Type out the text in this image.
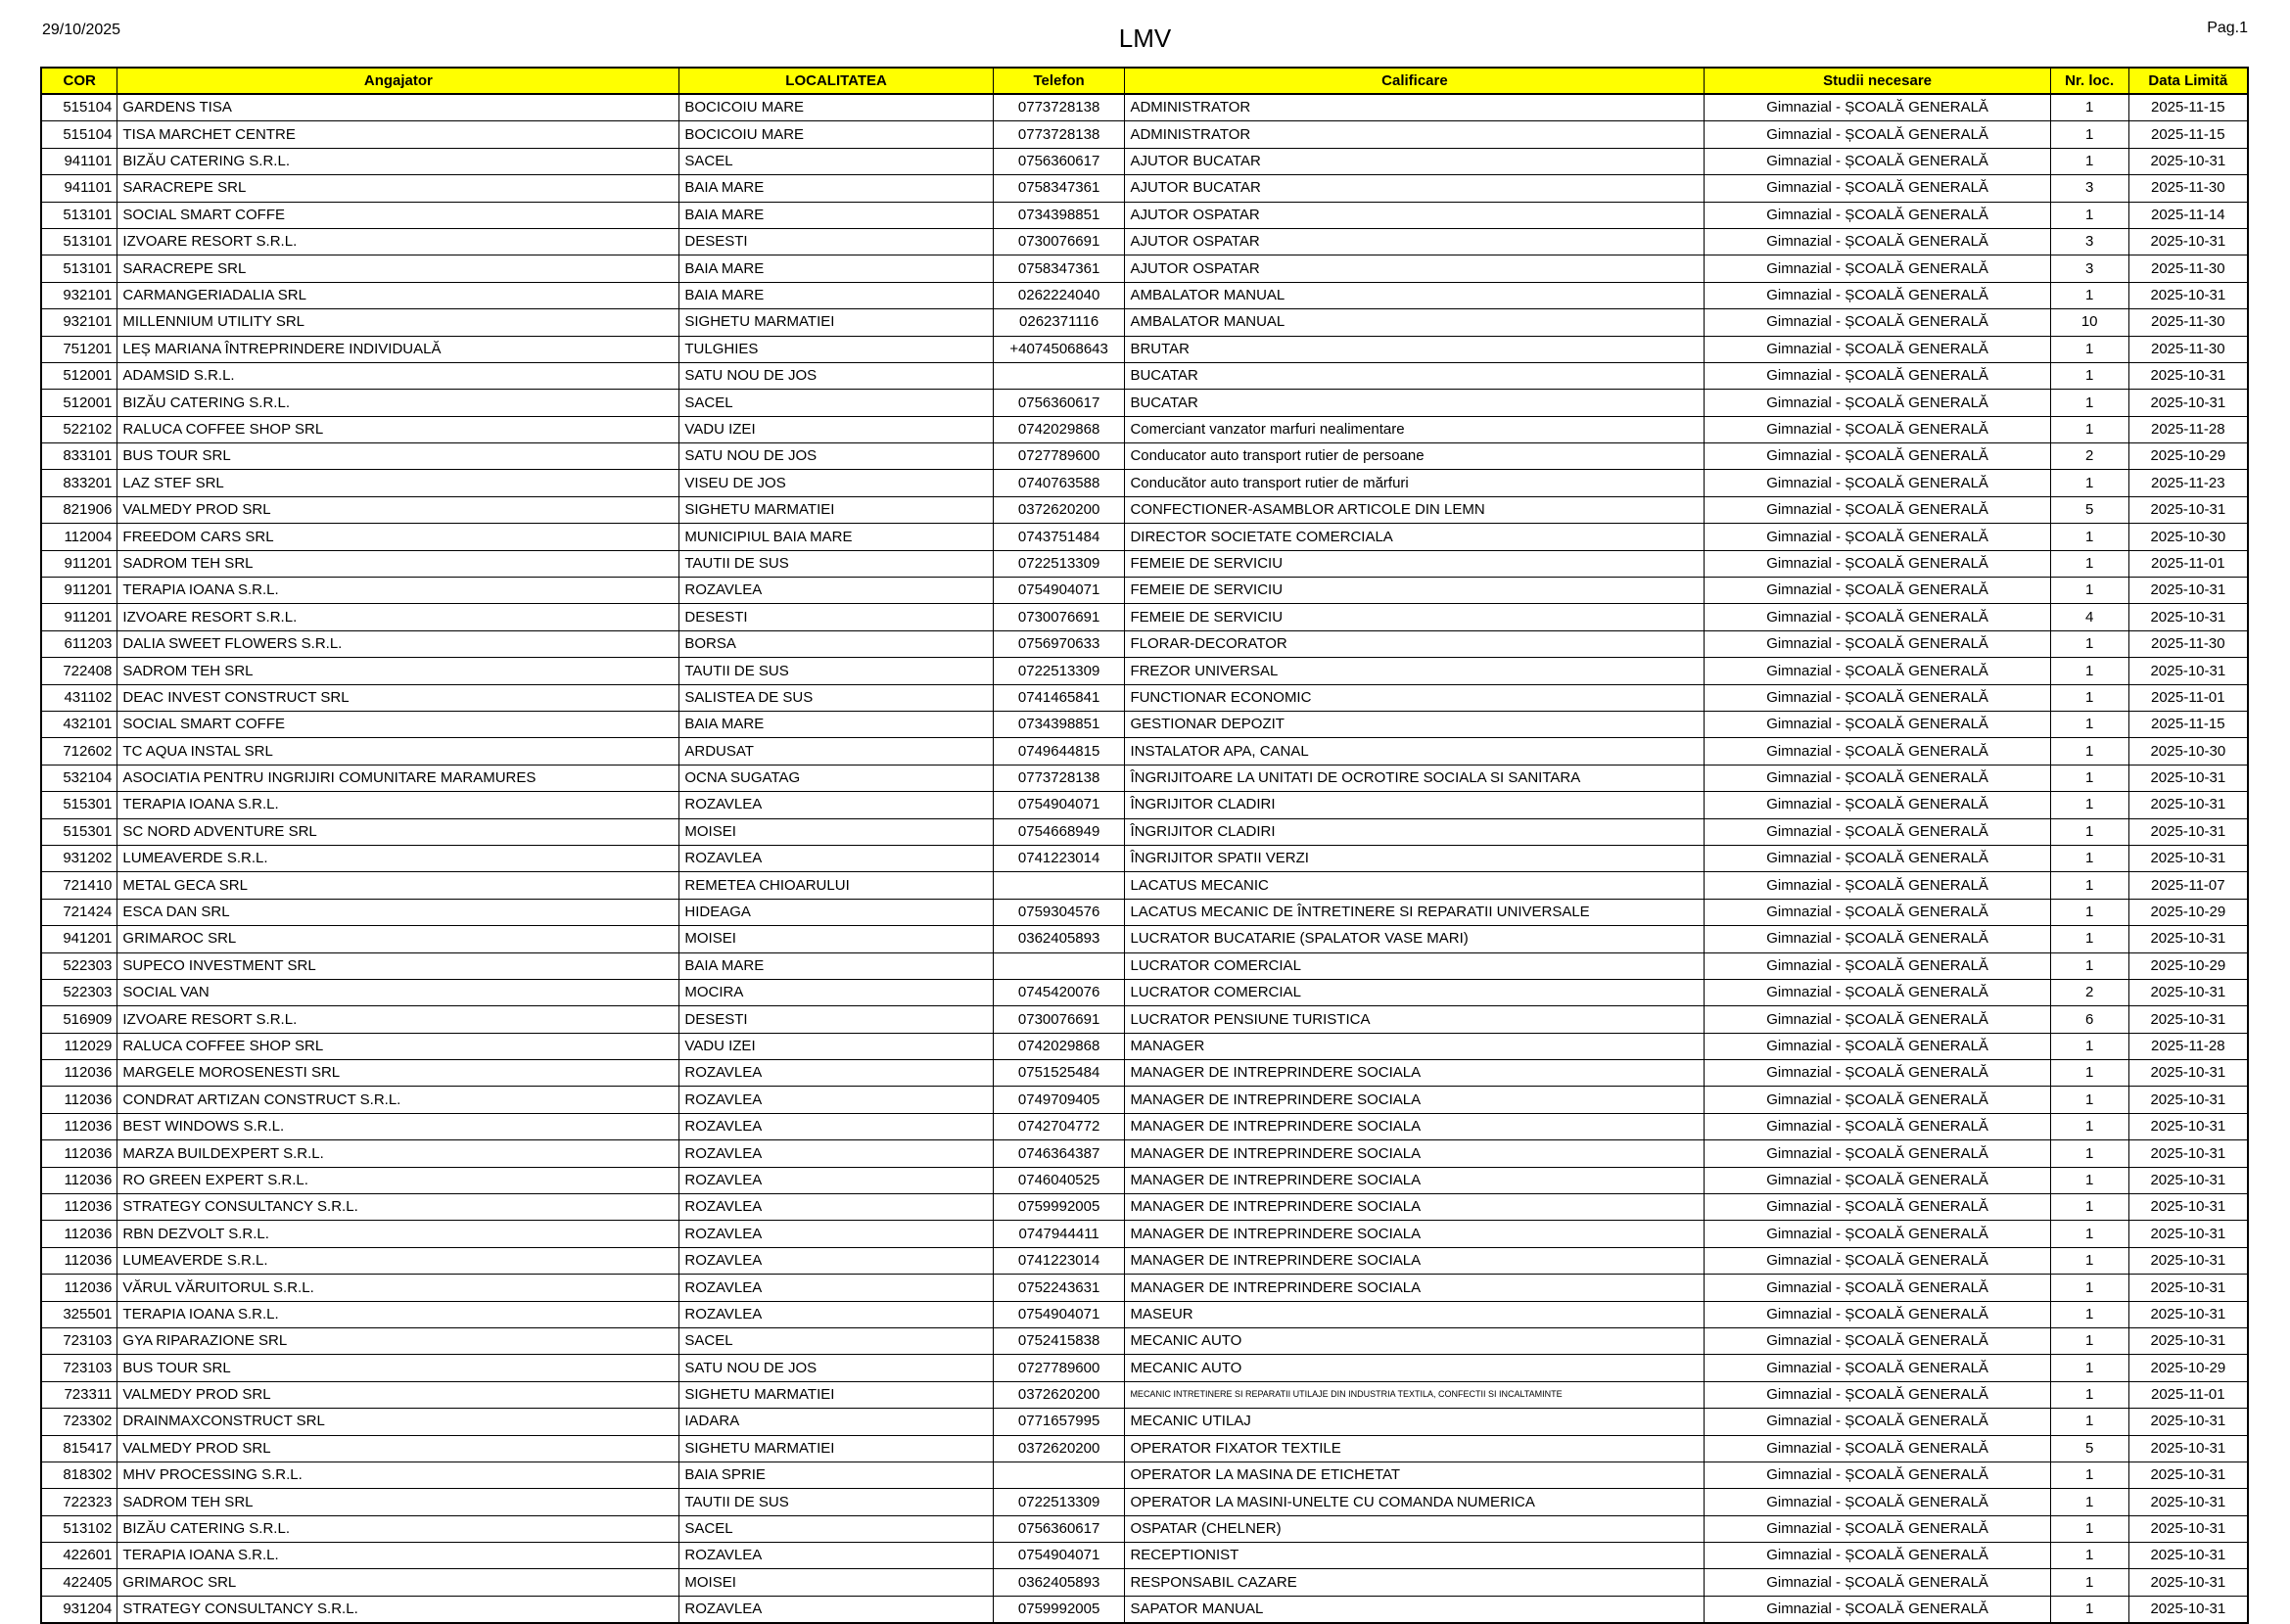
29/10/2025	LMV	Pag.1
COR	Angajator	LOCALITATEA	Telefon	Calificare	Studii necesare	Nr. loc.	Data Limită
515104	GARDENS TISA	BOCICOIU MARE	0773728138	ADMINISTRATOR	Gimnazial - ȘCOALĂ GENERALĂ	1	2025-11-15
515104	TISA MARCHET CENTRE	BOCICOIU MARE	0773728138	ADMINISTRATOR	Gimnazial - ȘCOALĂ GENERALĂ	1	2025-11-15
941101	BIZĂU CATERING S.R.L.	SACEL	0756360617	AJUTOR BUCATAR	Gimnazial - ȘCOALĂ GENERALĂ	1	2025-10-31
941101	SARACREPE SRL	BAIA MARE	0758347361	AJUTOR BUCATAR	Gimnazial - ȘCOALĂ GENERALĂ	3	2025-11-30
513101	SOCIAL SMART COFFE	BAIA MARE	0734398851	AJUTOR OSPATAR	Gimnazial - ȘCOALĂ GENERALĂ	1	2025-11-14
513101	IZVOARE RESORT S.R.L.	DESESTI	0730076691	AJUTOR OSPATAR	Gimnazial - ȘCOALĂ GENERALĂ	3	2025-10-31
513101	SARACREPE SRL	BAIA MARE	0758347361	AJUTOR OSPATAR	Gimnazial - ȘCOALĂ GENERALĂ	3	2025-11-30
932101	CARMANGERIADALIA SRL	BAIA MARE	0262224040	AMBALATOR MANUAL	Gimnazial - ȘCOALĂ GENERALĂ	1	2025-10-31
932101	MILLENNIUM UTILITY SRL	SIGHETU MARMATIEI	0262371116	AMBALATOR MANUAL	Gimnazial - ȘCOALĂ GENERALĂ	10	2025-11-30
751201	LEȘ MARIANA ÎNTREPRINDERE INDIVIDUALĂ	TULGHIES	+40745068643	BRUTAR	Gimnazial - ȘCOALĂ GENERALĂ	1	2025-11-30
512001	ADAMSID S.R.L.	SATU NOU DE JOS		BUCATAR	Gimnazial - ȘCOALĂ GENERALĂ	1	2025-10-31
512001	BIZĂU CATERING S.R.L.	SACEL	0756360617	BUCATAR	Gimnazial - ȘCOALĂ GENERALĂ	1	2025-10-31
522102	RALUCA COFFEE SHOP SRL	VADU IZEI	0742029868	Comerciant vanzator marfuri nealimentare	Gimnazial - ȘCOALĂ GENERALĂ	1	2025-11-28
833101	BUS TOUR SRL	SATU NOU DE JOS	0727789600	Conducator auto transport rutier de persoane	Gimnazial - ȘCOALĂ GENERALĂ	2	2025-10-29
833201	LAZ STEF SRL	VISEU DE JOS	0740763588	Conducător auto transport rutier de mărfuri	Gimnazial - ȘCOALĂ GENERALĂ	1	2025-11-23
821906	VALMEDY PROD SRL	SIGHETU MARMATIEI	0372620200	CONFECTIONER-ASAMBLOR ARTICOLE DIN LEMN	Gimnazial - ȘCOALĂ GENERALĂ	5	2025-10-31
112004	FREEDOM CARS SRL	MUNICIPIUL BAIA MARE	0743751484	DIRECTOR SOCIETATE COMERCIALA	Gimnazial - ȘCOALĂ GENERALĂ	1	2025-10-30
911201	SADROM TEH SRL	TAUTII DE SUS	0722513309	FEMEIE DE SERVICIU	Gimnazial - ȘCOALĂ GENERALĂ	1	2025-11-01
911201	TERAPIA IOANA S.R.L.	ROZAVLEA	0754904071	FEMEIE DE SERVICIU	Gimnazial - ȘCOALĂ GENERALĂ	1	2025-10-31
911201	IZVOARE RESORT S.R.L.	DESESTI	0730076691	FEMEIE DE SERVICIU	Gimnazial - ȘCOALĂ GENERALĂ	4	2025-10-31
611203	DALIA SWEET FLOWERS S.R.L.	BORSA	0756970633	FLORAR-DECORATOR	Gimnazial - ȘCOALĂ GENERALĂ	1	2025-11-30
722408	SADROM TEH SRL	TAUTII DE SUS	0722513309	FREZOR UNIVERSAL	Gimnazial - ȘCOALĂ GENERALĂ	1	2025-10-31
431102	DEAC INVEST CONSTRUCT SRL	SALISTEA DE SUS	0741465841	FUNCTIONAR ECONOMIC	Gimnazial - ȘCOALĂ GENERALĂ	1	2025-11-01
432101	SOCIAL SMART COFFE	BAIA MARE	0734398851	GESTIONAR DEPOZIT	Gimnazial - ȘCOALĂ GENERALĂ	1	2025-11-15
712602	TC AQUA INSTAL SRL	ARDUSAT	0749644815	INSTALATOR APA, CANAL	Gimnazial - ȘCOALĂ GENERALĂ	1	2025-10-30
532104	ASOCIATIA PENTRU INGRIJIRI COMUNITARE MARAMURES	OCNA SUGATAG	0773728138	ÎNGRIJITOARE LA UNITATI DE OCROTIRE SOCIALA SI SANITARA	Gimnazial - ȘCOALĂ GENERALĂ	1	2025-10-31
515301	TERAPIA IOANA S.R.L.	ROZAVLEA	0754904071	ÎNGRIJITOR CLADIRI	Gimnazial - ȘCOALĂ GENERALĂ	1	2025-10-31
515301	SC NORD ADVENTURE SRL	MOISEI	0754668949	ÎNGRIJITOR CLADIRI	Gimnazial - ȘCOALĂ GENERALĂ	1	2025-10-31
931202	LUMEAVERDE S.R.L.	ROZAVLEA	0741223014	ÎNGRIJITOR SPATII VERZI	Gimnazial - ȘCOALĂ GENERALĂ	1	2025-10-31
721410	METAL GECA SRL	REMETEA CHIOARULUI		LACATUS MECANIC	Gimnazial - ȘCOALĂ GENERALĂ	1	2025-11-07
721424	ESCA DAN SRL	HIDEAGA	0759304576	LACATUS MECANIC DE ÎNTRETINERE SI REPARATII UNIVERSALE	Gimnazial - ȘCOALĂ GENERALĂ	1	2025-10-29
941201	GRIMAROC SRL	MOISEI	0362405893	LUCRATOR BUCATARIE (SPALATOR VASE MARI)	Gimnazial - ȘCOALĂ GENERALĂ	1	2025-10-31
522303	SUPECO INVESTMENT SRL	BAIA MARE		LUCRATOR COMERCIAL	Gimnazial - ȘCOALĂ GENERALĂ	1	2025-10-29
522303	SOCIAL VAN	MOCIRA	0745420076	LUCRATOR COMERCIAL	Gimnazial - ȘCOALĂ GENERALĂ	2	2025-10-31
516909	IZVOARE RESORT S.R.L.	DESESTI	0730076691	LUCRATOR PENSIUNE TURISTICA	Gimnazial - ȘCOALĂ GENERALĂ	6	2025-10-31
112029	RALUCA COFFEE SHOP SRL	VADU IZEI	0742029868	MANAGER	Gimnazial - ȘCOALĂ GENERALĂ	1	2025-11-28
112036	MARGELE MOROSENESTI SRL	ROZAVLEA	0751525484	MANAGER DE INTREPRINDERE SOCIALA	Gimnazial - ȘCOALĂ GENERALĂ	1	2025-10-31
112036	CONDRAT ARTIZAN CONSTRUCT S.R.L.	ROZAVLEA	0749709405	MANAGER DE INTREPRINDERE SOCIALA	Gimnazial - ȘCOALĂ GENERALĂ	1	2025-10-31
112036	BEST WINDOWS S.R.L.	ROZAVLEA	0742704772	MANAGER DE INTREPRINDERE SOCIALA	Gimnazial - ȘCOALĂ GENERALĂ	1	2025-10-31
112036	MARZA BUILDEXPERT S.R.L.	ROZAVLEA	0746364387	MANAGER DE INTREPRINDERE SOCIALA	Gimnazial - ȘCOALĂ GENERALĂ	1	2025-10-31
112036	RO GREEN EXPERT S.R.L.	ROZAVLEA	0746040525	MANAGER DE INTREPRINDERE SOCIALA	Gimnazial - ȘCOALĂ GENERALĂ	1	2025-10-31
112036	STRATEGY CONSULTANCY S.R.L.	ROZAVLEA	0759992005	MANAGER DE INTREPRINDERE SOCIALA	Gimnazial - ȘCOALĂ GENERALĂ	1	2025-10-31
112036	RBN DEZVOLT S.R.L.	ROZAVLEA	0747944411	MANAGER DE INTREPRINDERE SOCIALA	Gimnazial - ȘCOALĂ GENERALĂ	1	2025-10-31
112036	LUMEAVERDE S.R.L.	ROZAVLEA	0741223014	MANAGER DE INTREPRINDERE SOCIALA	Gimnazial - ȘCOALĂ GENERALĂ	1	2025-10-31
112036	VĂRUL VĂRUITORUL S.R.L.	ROZAVLEA	0752243631	MANAGER DE INTREPRINDERE SOCIALA	Gimnazial - ȘCOALĂ GENERALĂ	1	2025-10-31
325501	TERAPIA IOANA S.R.L.	ROZAVLEA	0754904071	MASEUR	Gimnazial - ȘCOALĂ GENERALĂ	1	2025-10-31
723103	GYA RIPARAZIONE SRL	SACEL	0752415838	MECANIC AUTO	Gimnazial - ȘCOALĂ GENERALĂ	1	2025-10-31
723103	BUS TOUR SRL	SATU NOU DE JOS	0727789600	MECANIC AUTO	Gimnazial - ȘCOALĂ GENERALĂ	1	2025-10-29
723311	VALMEDY PROD SRL	SIGHETU MARMATIEI	0372620200	MECANIC INTRETINERE SI REPARATII UTILAJE DIN INDUSTRIA TEXTILA, CONFECTII SI INCALTAMINTE	Gimnazial - ȘCOALĂ GENERALĂ	1	2025-11-01
723302	DRAINMAXCONSTRUCT SRL	IADARA	0771657995	MECANIC UTILAJ	Gimnazial - ȘCOALĂ GENERALĂ	1	2025-10-31
815417	VALMEDY PROD SRL	SIGHETU MARMATIEI	0372620200	OPERATOR FIXATOR TEXTILE	Gimnazial - ȘCOALĂ GENERALĂ	5	2025-10-31
818302	MHV PROCESSING S.R.L.	BAIA SPRIE		OPERATOR LA MASINA DE ETICHETAT	Gimnazial - ȘCOALĂ GENERALĂ	1	2025-10-31
722323	SADROM TEH SRL	TAUTII DE SUS	0722513309	OPERATOR LA MASINI-UNELTE CU COMANDA NUMERICA	Gimnazial - ȘCOALĂ GENERALĂ	1	2025-10-31
513102	BIZĂU CATERING S.R.L.	SACEL	0756360617	OSPATAR (CHELNER)	Gimnazial - ȘCOALĂ GENERALĂ	1	2025-10-31
422601	TERAPIA IOANA S.R.L.	ROZAVLEA	0754904071	RECEPTIONIST	Gimnazial - ȘCOALĂ GENERALĂ	1	2025-10-31
422405	GRIMAROC SRL	MOISEI	0362405893	RESPONSABIL CAZARE	Gimnazial - ȘCOALĂ GENERALĂ	1	2025-10-31
931204	STRATEGY CONSULTANCY S.R.L.	ROZAVLEA	0759992005	SAPATOR MANUAL	Gimnazial - ȘCOALĂ GENERALĂ	1	2025-10-31
